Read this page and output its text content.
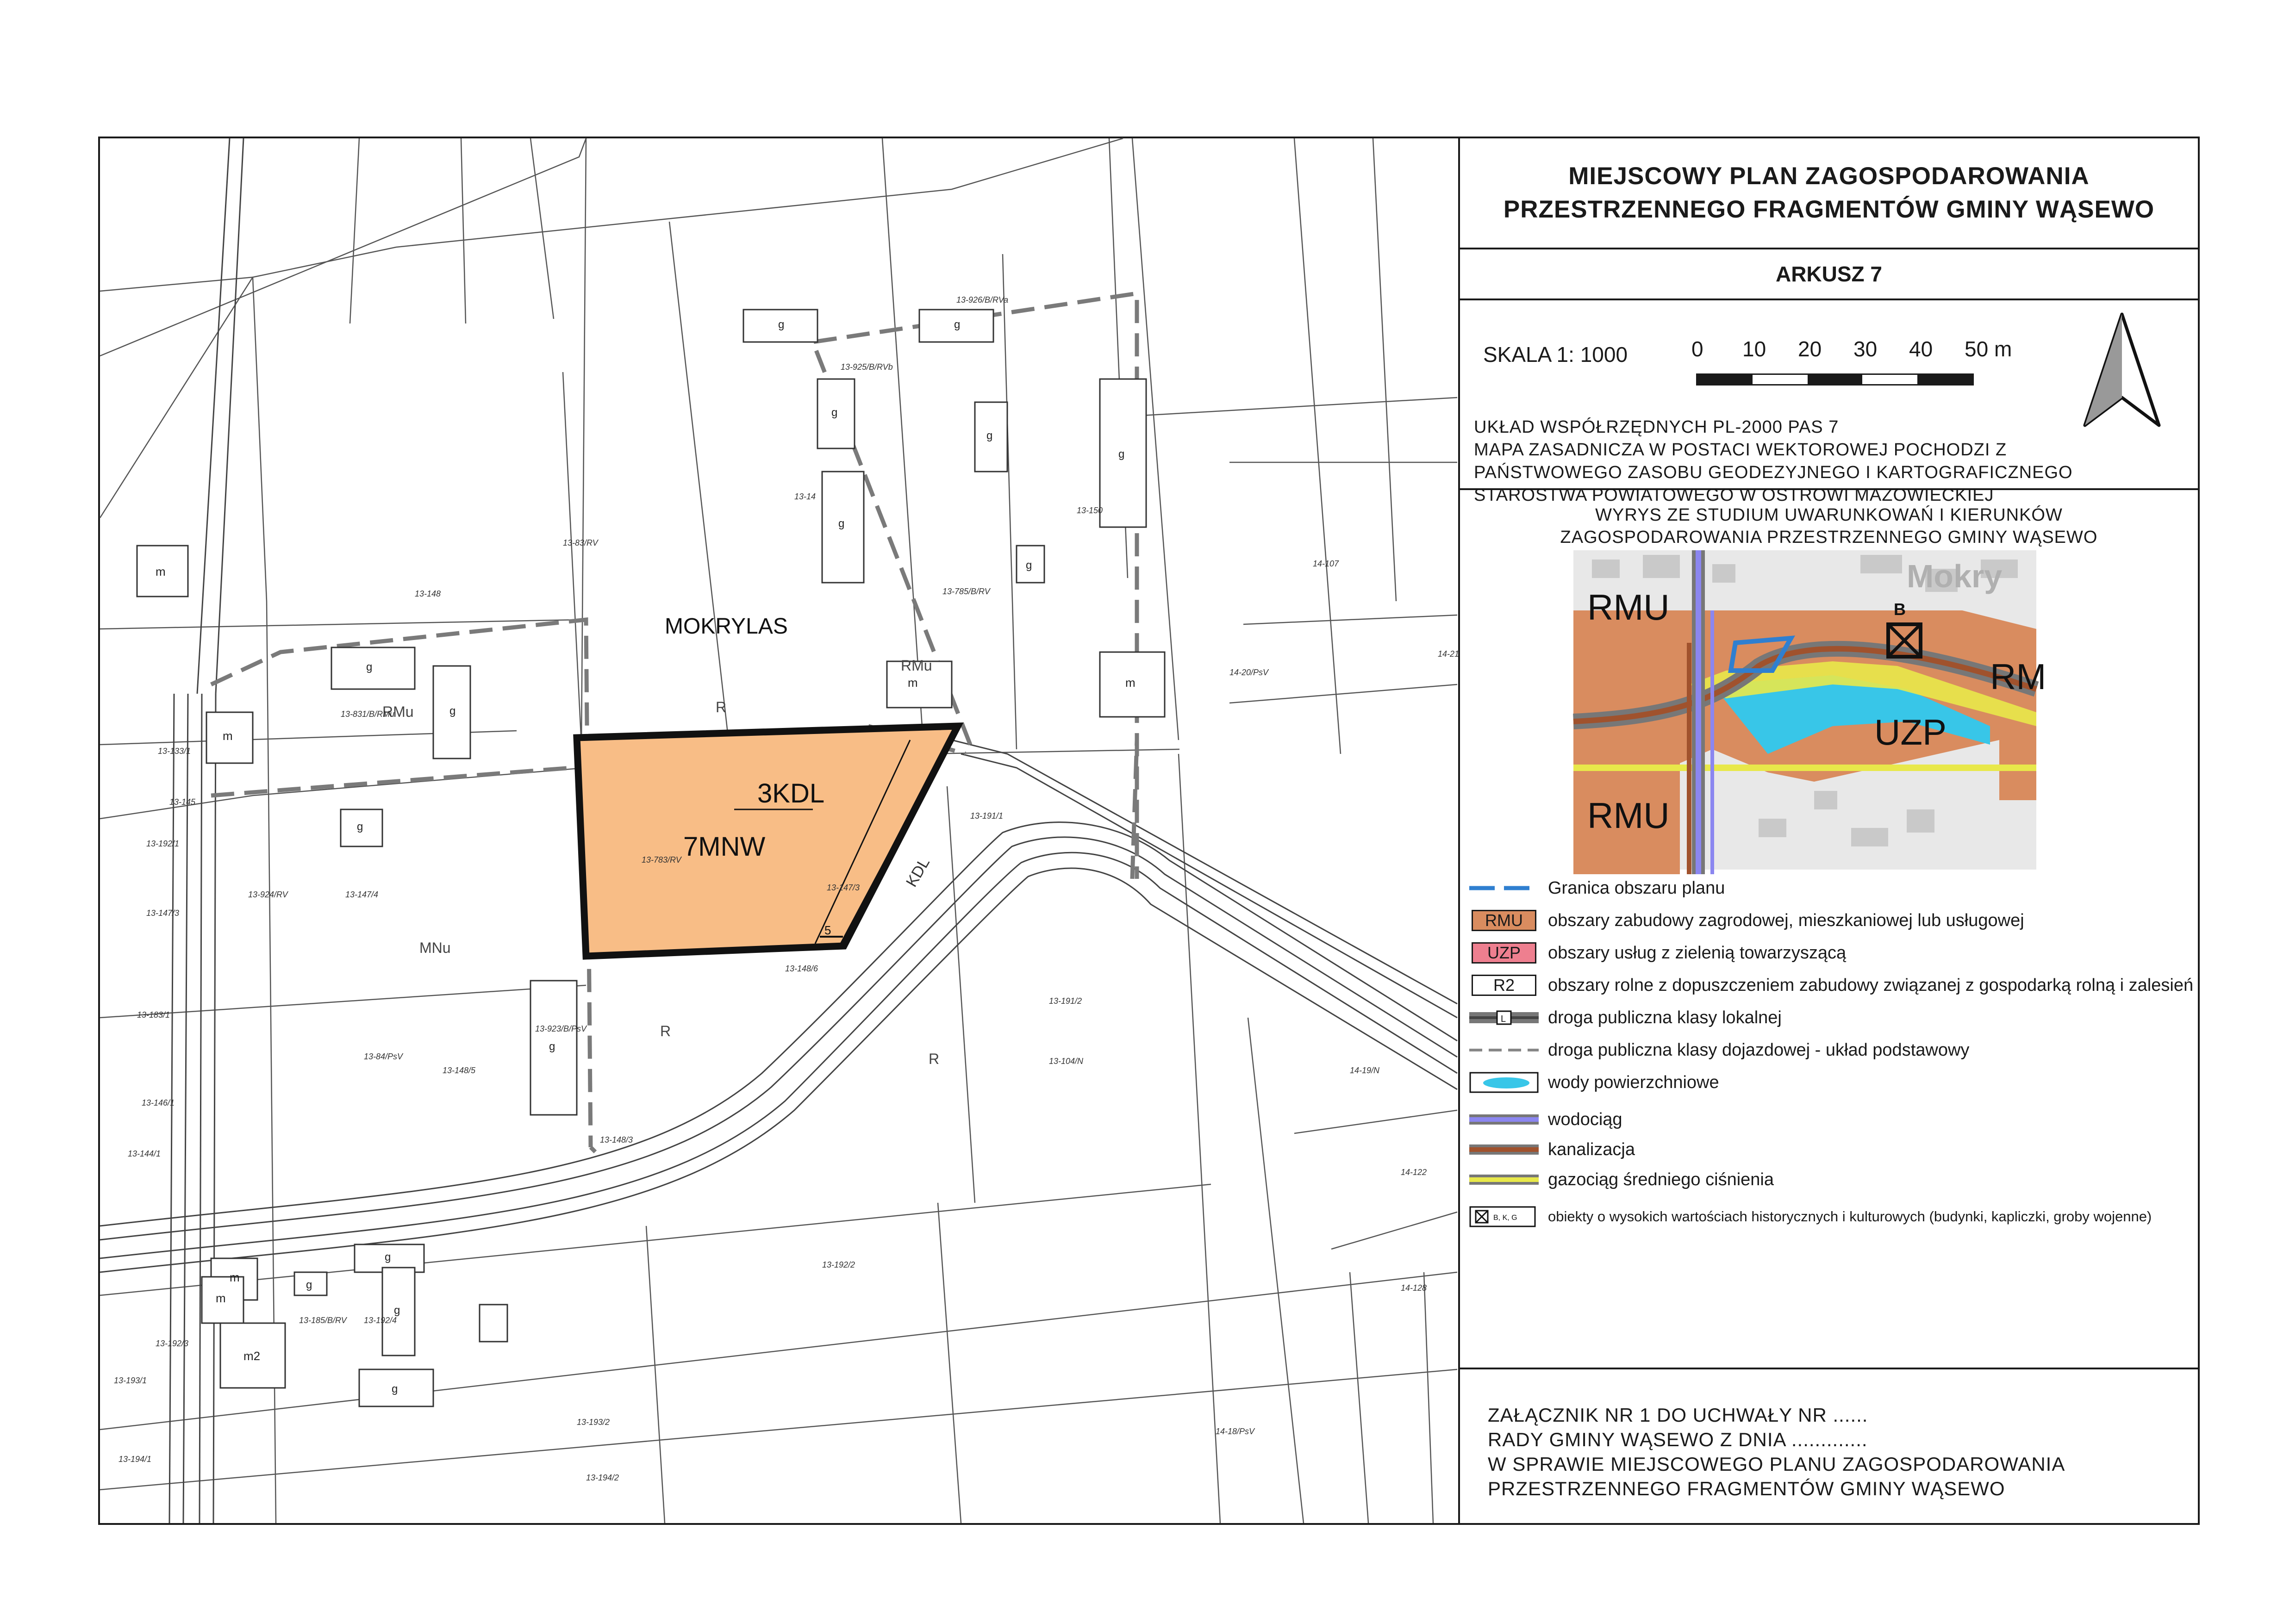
MOKRYLAS
7MNW
3KDL
KDL
5
R
R
R
RMu
RMu
MNu
m
m
m	m
m
m
m2
g
g
g
g	g
g
g
g
g
g
g
g
g
g
g
13-83/RV
13-148
13-831/B/RMu
13-133/1
13-145
13-924/RV	13-147/4
13-84/PsV
13-148/5
13-923/B/PsV
13-148/6
13-148/3
13-783/RV
13-147/3
13-191/1
13-191/2
13-104/N
13-150
13-785/B/RV
13-925/B/RVb
13-926/B/RVa
13-14
14-107
14-20/PsV
14-21
14-19/N
14-122
14-128
14-18/PsV
13-192/2
13-193/2
13-194/2
13-185/B/RV 13-192/4
13-192/1
13-147/3
13-192/3
13-193/1
13-194/1
13-144/1
13-146/1
13-183/1
MIEJSCOWY PLAN ZAGOSPODAROWANIA
PRZESTRZENNEGO FRAGMENTÓW GMINY WĄSEWO
ARKUSZ 7
SKALA 1: 1000	0 10 20 30 40 50 m
UKŁAD WSPÓŁRZĘDNYCH PL-2000 PAS 7
MAPA ZASADNICZA W POSTACI WEKTOROWEJ POCHODZI Z
PAŃSTWOWEGO ZASOBU GEODEZYJNEGO I KARTOGRAFICZNEGO
STAROSTWA POWIATOWEGO W OSTROWI MAZOWIECKIEJ
WYRYS ZE STUDIUM UWARUNKOWAŃ I KIERUNKÓW
ZAGOSPODAROWANIA PRZESTRZENNEGO GMINY WĄSEWO
Mokry
B
RMU
RMU
RM
UZP
Granica obszaru planu
RMU	obszary zabudowy zagrodowej, mieszkaniowej lub usługowej
UZP	obszary usług z zielenią towarzyszącą
R2	obszary rolne z dopuszczeniem zabudowy związanej z gospodarką rolną i zalesień
L droga publiczna klasy lokalnej
droga publiczna klasy dojazdowej - układ podstawowy
wody powierzchniowe
wodociąg
kanalizacja
gazociąg średniego ciśnienia
B, K, G obiekty o wysokich wartościach historycznych i kulturowych (budynki, kapliczki, groby wojenne)
ZAŁĄCZNIK NR 1 DO UCHWAŁY NR ......
RADY GMINY WĄSEWO Z DNIA .............
W SPRAWIE MIEJSCOWEGO PLANU ZAGOSPODAROWANIA
PRZESTRZENNEGO FRAGMENTÓW GMINY WĄSEWO
